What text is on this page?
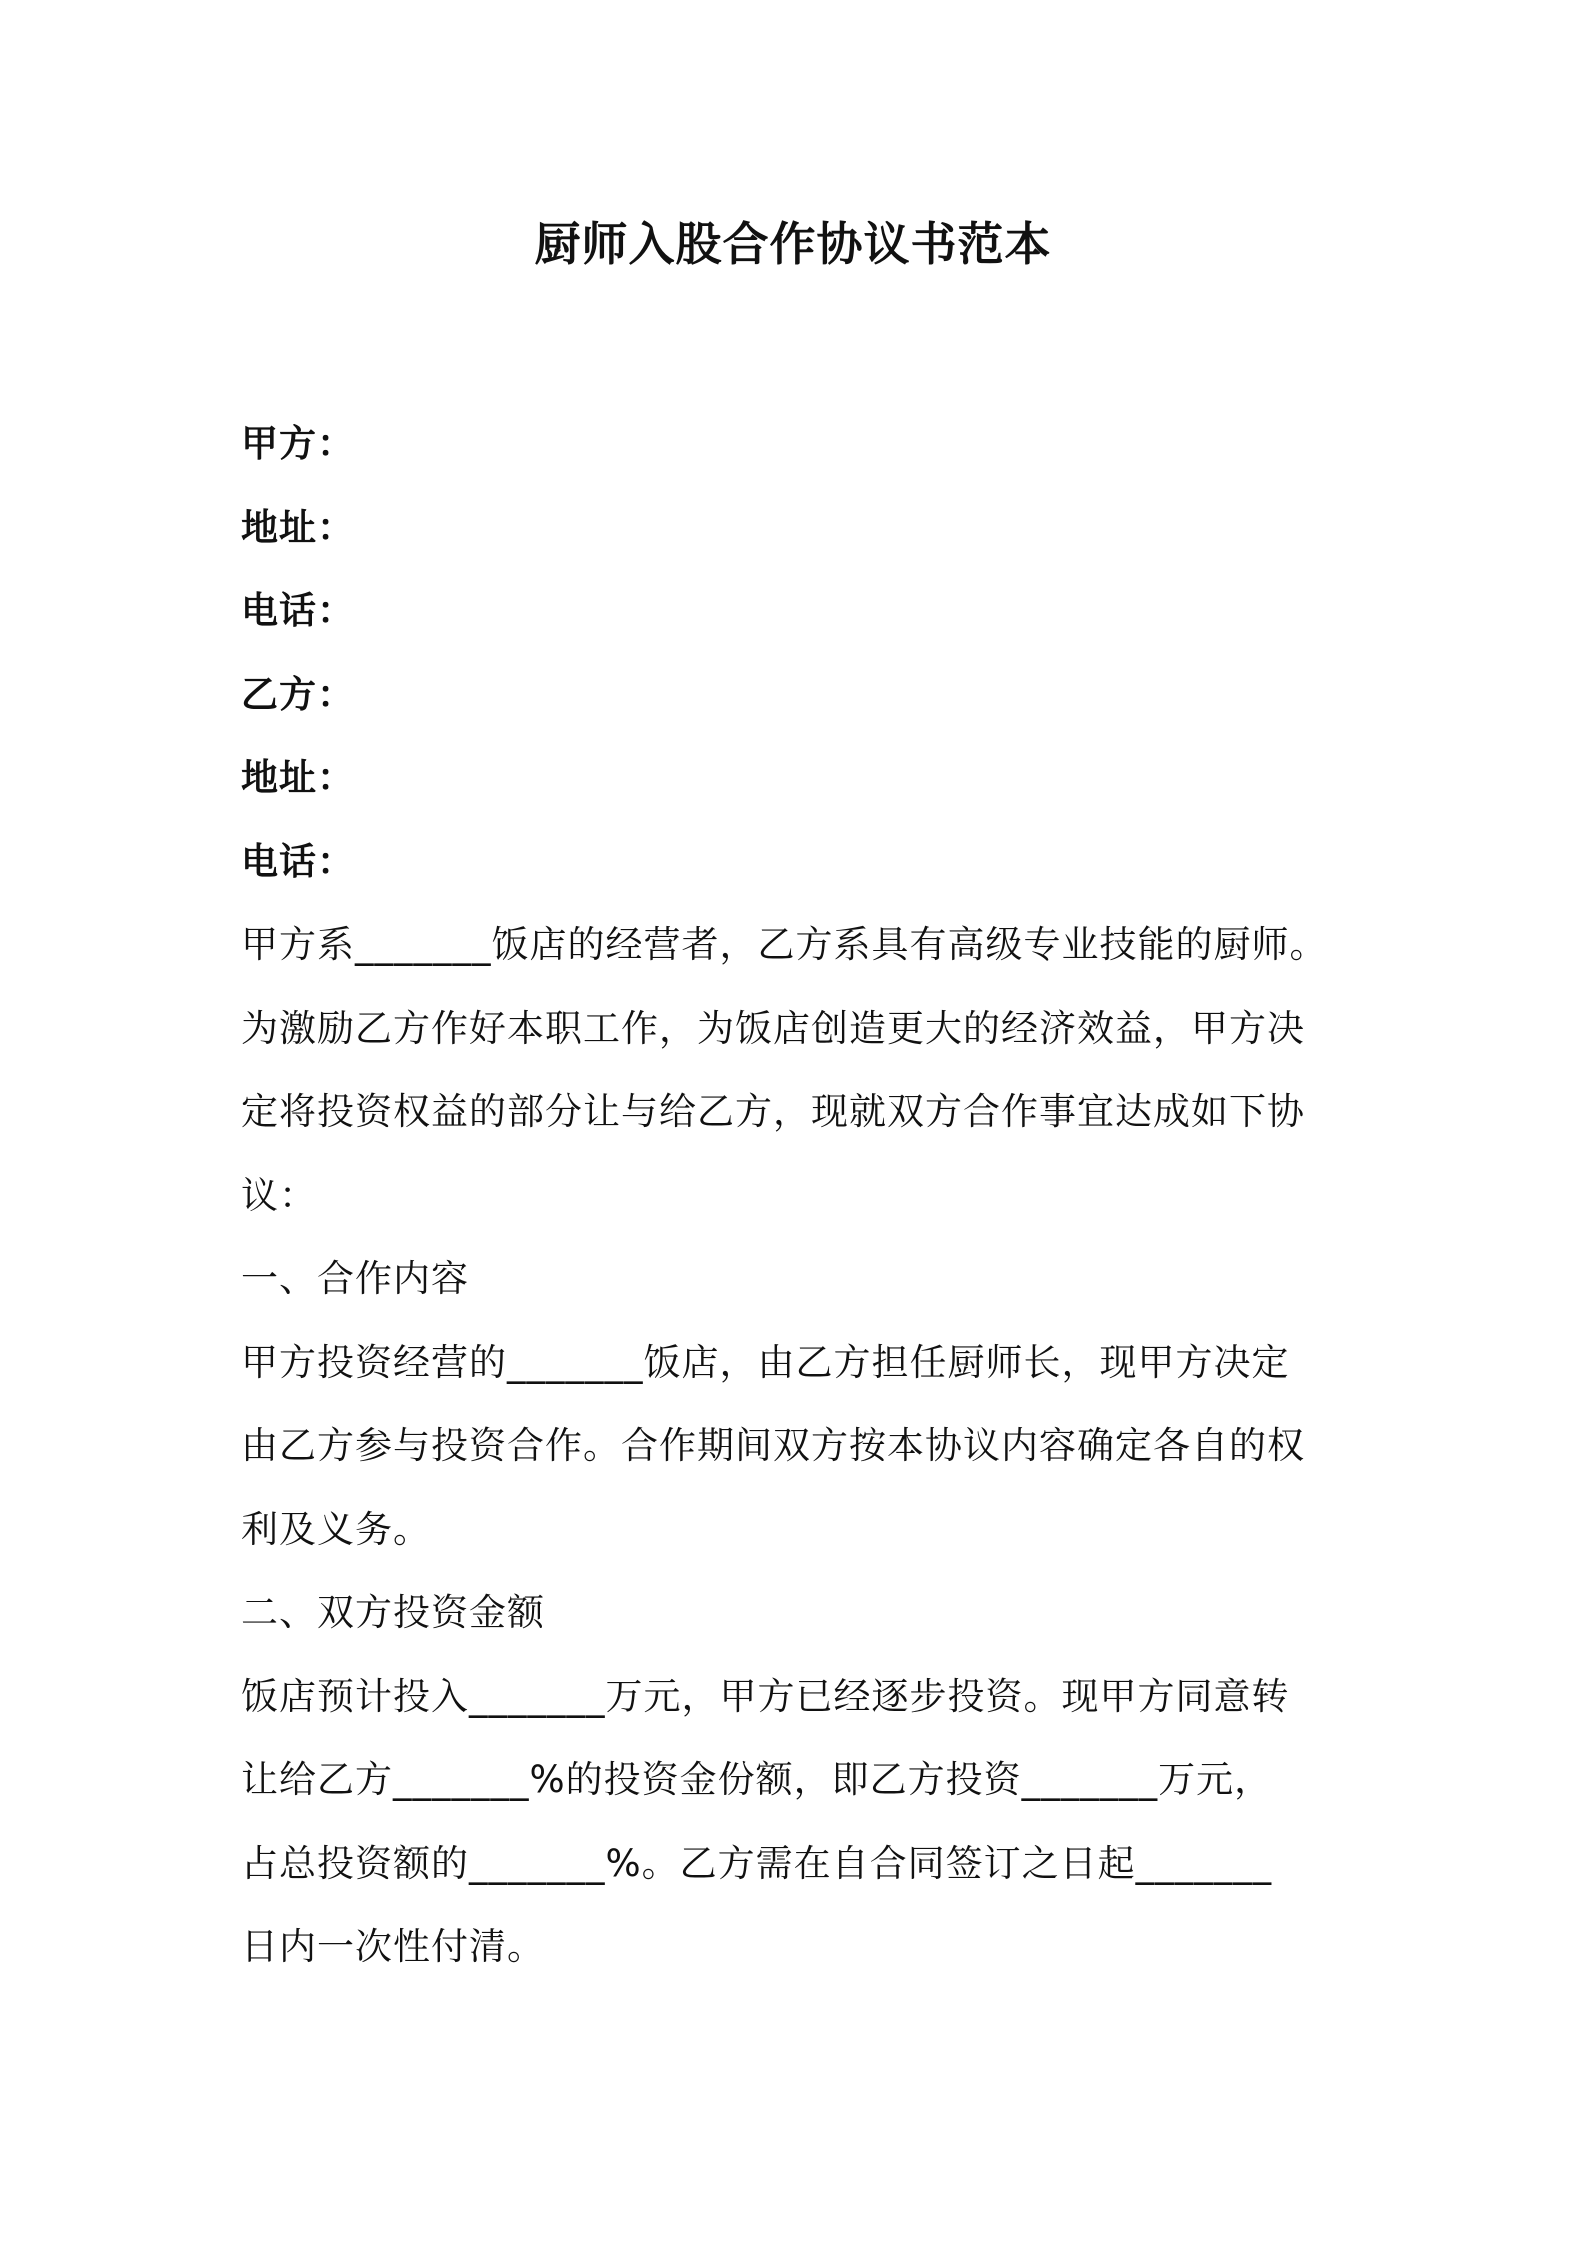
厨师入股合作协议书范本
甲方：
地址：
电话：
乙方：
地址：
电话：
甲方系_______饭店的经营者，乙方系具有高级专业技能的厨师。
为激励乙方作好本职工作，为饭店创造更大的经济效益，甲方决
定将投资权益的部分让与给乙方，现就双方合作事宜达成如下协
议：
一、合作内容
甲方投资经营的_______饭店，由乙方担任厨师长，现甲方决定
由乙方参与投资合作。合作期间双方按本协议内容确定各自的权
利及义务。
二、双方投资金额
饭店预计投入_______万元，甲方已经逐步投资。现甲方同意转
让给乙方_______%的投资金份额，即乙方投资_______万元，
占总投资额的_______%。乙方需在自合同签订之日起_______
日内一次性付清。
